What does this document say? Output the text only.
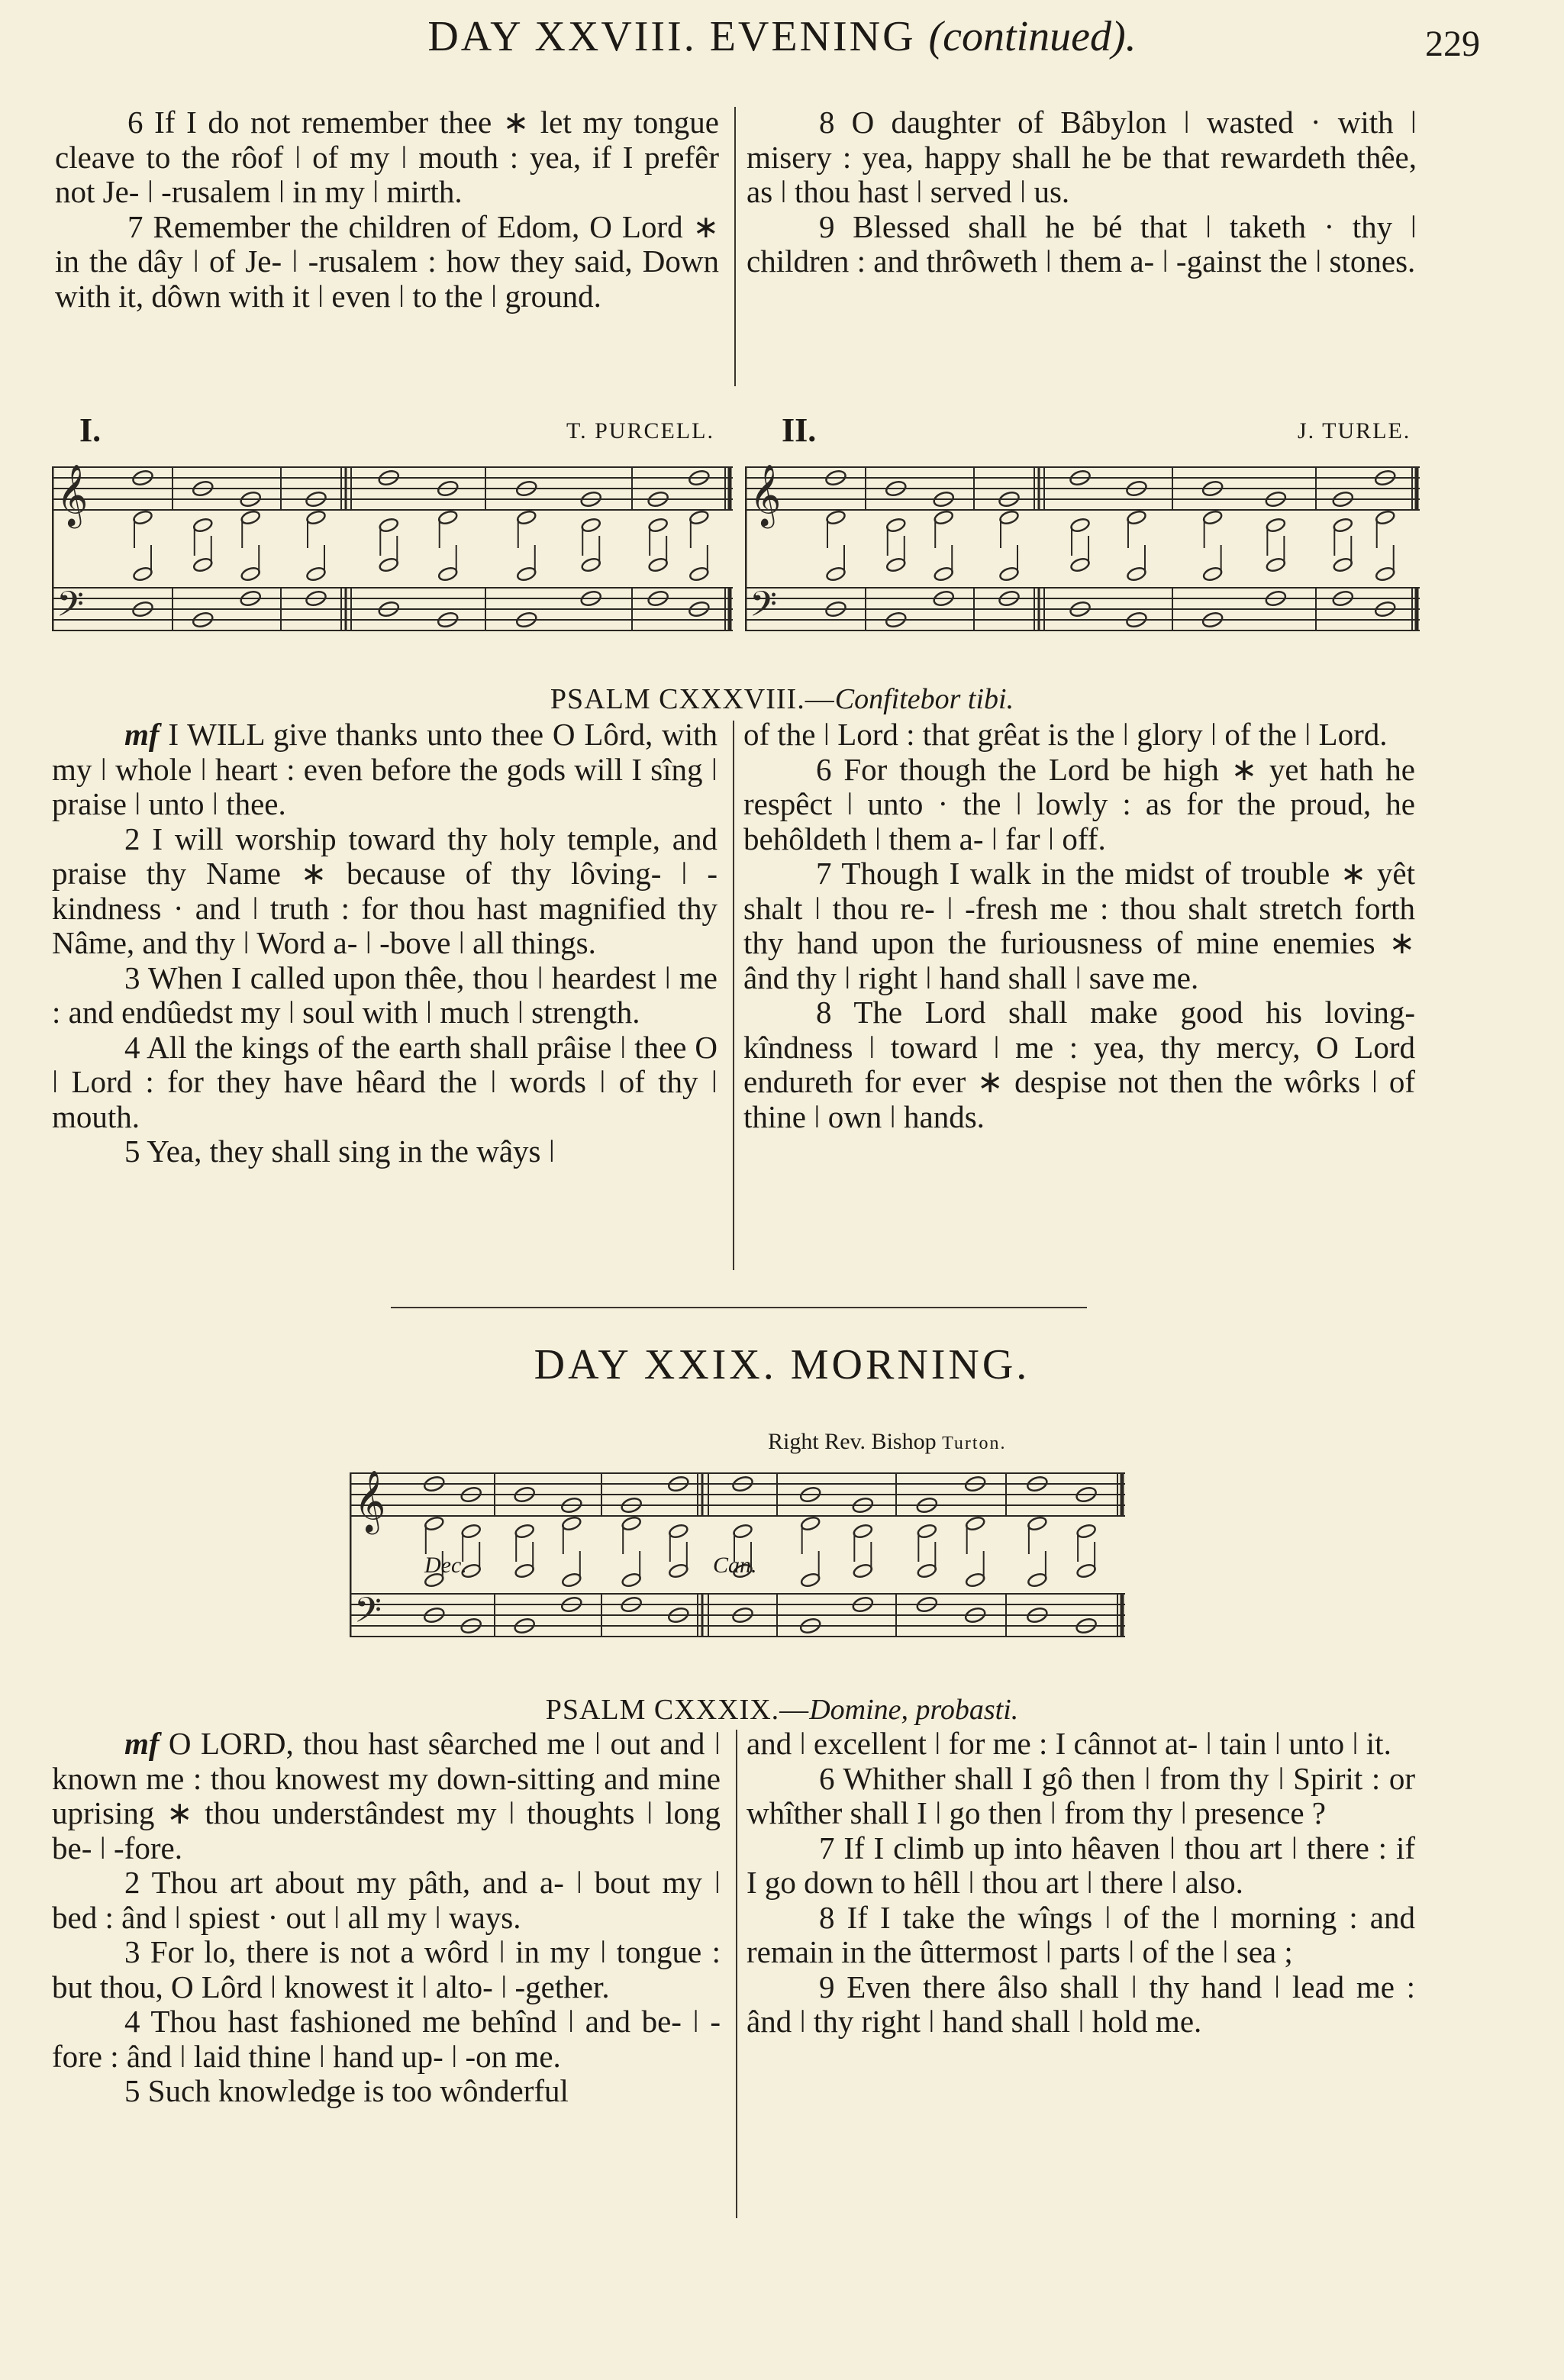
DAY XXVIII. EVENING (continued).	229

6 If I do not remember thee ∗ let my tongue cleave to the rôof ǀ of my ǀ mouth : yea, if I prefêr not Je- ǀ -rusalem ǀ in my ǀ mirth.

7 Remember the children of Edom, O Lord ∗ in the dây ǀ of Je- ǀ -rusalem : how they said, Down with it, dôwn with it ǀ even ǀ to the ǀ ground.

8 O daughter of Bâbylon ǀ wasted · with ǀ misery : yea, happy shall he be that rewardeth thêe, as ǀ thou hast ǀ served ǀ us.

9 Blessed shall he bé that ǀ taketh · thy ǀ children : and thrôweth ǀ them a- ǀ -gainst the ǀ stones.

I.	T. PURCELL. II.	J. TURLE.
𝄞
𝄢
𝄞
𝄢
PSALM CXXXVIII.—Confitebor tibi.

mf I WILL give thanks unto thee O Lôrd, with my ǀ whole ǀ heart : even before the gods will I sîng ǀ praise ǀ unto ǀ thee.

2 I will worship toward thy holy temple, and praise thy Name ∗ because of thy lôving- ǀ -kindness · and ǀ truth : for thou hast magnified thy Nâme, and thy ǀ Word a- ǀ -bove ǀ all things.

3 When I called upon thêe, thou ǀ heardest ǀ me : and endûedst my ǀ soul with ǀ much ǀ strength.

4 All the kings of the earth shall prâise ǀ thee O ǀ Lord : for they have hêard the ǀ words ǀ of thy ǀ mouth.

5 Yea, they shall sing in the wâys ǀ

of the ǀ Lord : that grêat is the ǀ glory ǀ of the ǀ Lord.

6 For though the Lord be high ∗ yet hath he respêct ǀ unto · the ǀ lowly : as for the proud, he behôldeth ǀ them a- ǀ far ǀ off.

7 Though I walk in the midst of trouble ∗ yêt shalt ǀ thou re- ǀ -fresh me : thou shalt stretch forth thy hand upon the furiousness of mine enemies ∗ ând thy ǀ right ǀ hand shall ǀ save me.

8 The Lord shall make good his loving-kîndness ǀ toward ǀ me : yea, thy mercy, O Lord endureth for ever ∗ despise not then the wôrks ǀ of thine ǀ own ǀ hands.

DAY XXIX. MORNING.
Right Rev. Bishop Turton.
𝄞
𝄢
Dec.	Can.
PSALM CXXXIX.—Domine, probasti.

mf O LORD, thou hast sêarched me ǀ out and ǀ known me : thou knowest my down-sitting and mine uprising ∗ thou understândest my ǀ thoughts ǀ long be- ǀ -fore.

2 Thou art about my pâth, and a- ǀ bout my ǀ bed : ând ǀ spiest · out ǀ all my ǀ ways.

3 For lo, there is not a wôrd ǀ in my ǀ tongue : but thou, O Lôrd ǀ knowest it ǀ alto- ǀ -gether.

4 Thou hast fashioned me behînd ǀ and be- ǀ -fore : ând ǀ laid thine ǀ hand up- ǀ -on me.

5 Such knowledge is too wônderful

and ǀ excellent ǀ for me : I cânnot at- ǀ tain ǀ unto ǀ it.

6 Whither shall I gô then ǀ from thy ǀ Spirit : or whîther shall I ǀ go then ǀ from thy ǀ presence ?

7 If I climb up into hêaven ǀ thou art ǀ there : if I go down to hêll ǀ thou art ǀ there ǀ also.

8 If I take the wîngs ǀ of the ǀ morning : and remain in the ûttermost ǀ parts ǀ of the ǀ sea ;

9 Even there âlso shall ǀ thy hand ǀ lead me : ând ǀ thy right ǀ hand shall ǀ hold me.
